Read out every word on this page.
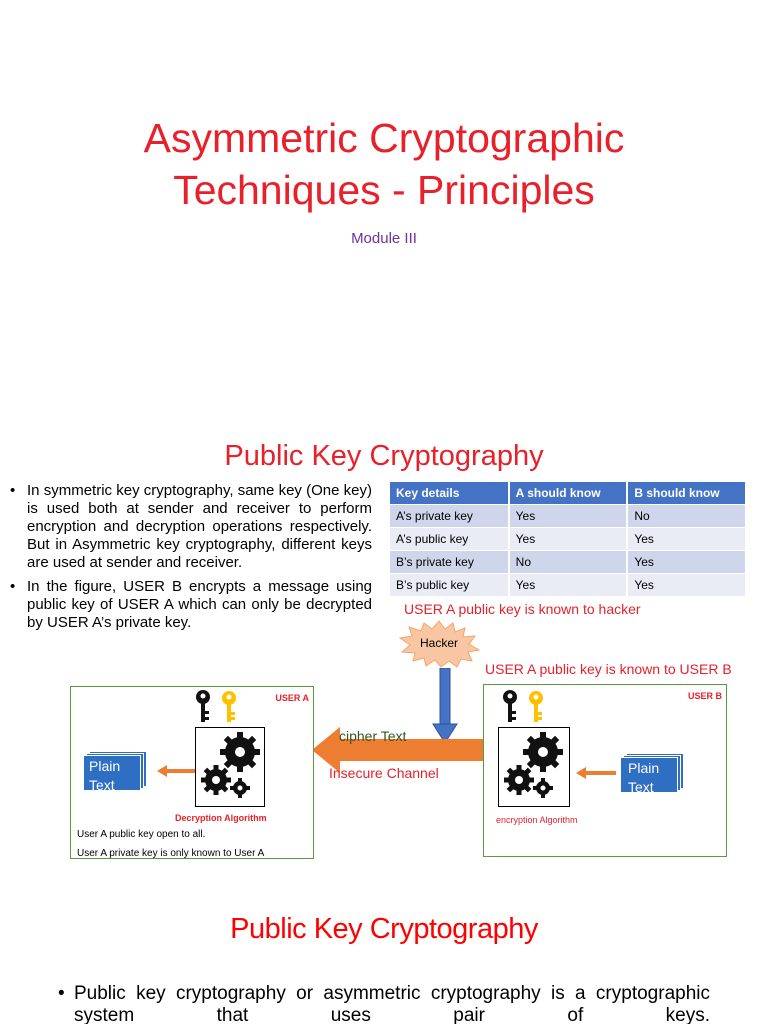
Asymmetric Cryptographic
Techniques - Principles
Module III
Public Key Cryptography
• In symmetric key cryptography, same key (One key) is used both at sender and receiver to perform encryption and decryption operations respectively. But in Asymmetric key cryptography, different keys are used at sender and receiver.
• In the figure, USER B encrypts a message using public key of USER A which can only be decrypted by USER A’s private key.
Key details	A should know	B should know
A’s private key	Yes	No
A’s public key	Yes	Yes
B’s private key	No	Yes
B’s public key	Yes	Yes
USER A public key is known to hacker
Hacker
USER A public key is known to USER B
cipher Text
Insecure Channel
USER A
Plain
Text
Decryption Algorithm
User A public key open to all.
User A private key is only known to User A
USER B
Plain
Text
encryption Algorithm
Public Key Cryptography
• Public key cryptography or asymmetric cryptography is a cryptographic system that uses pair of keys.
